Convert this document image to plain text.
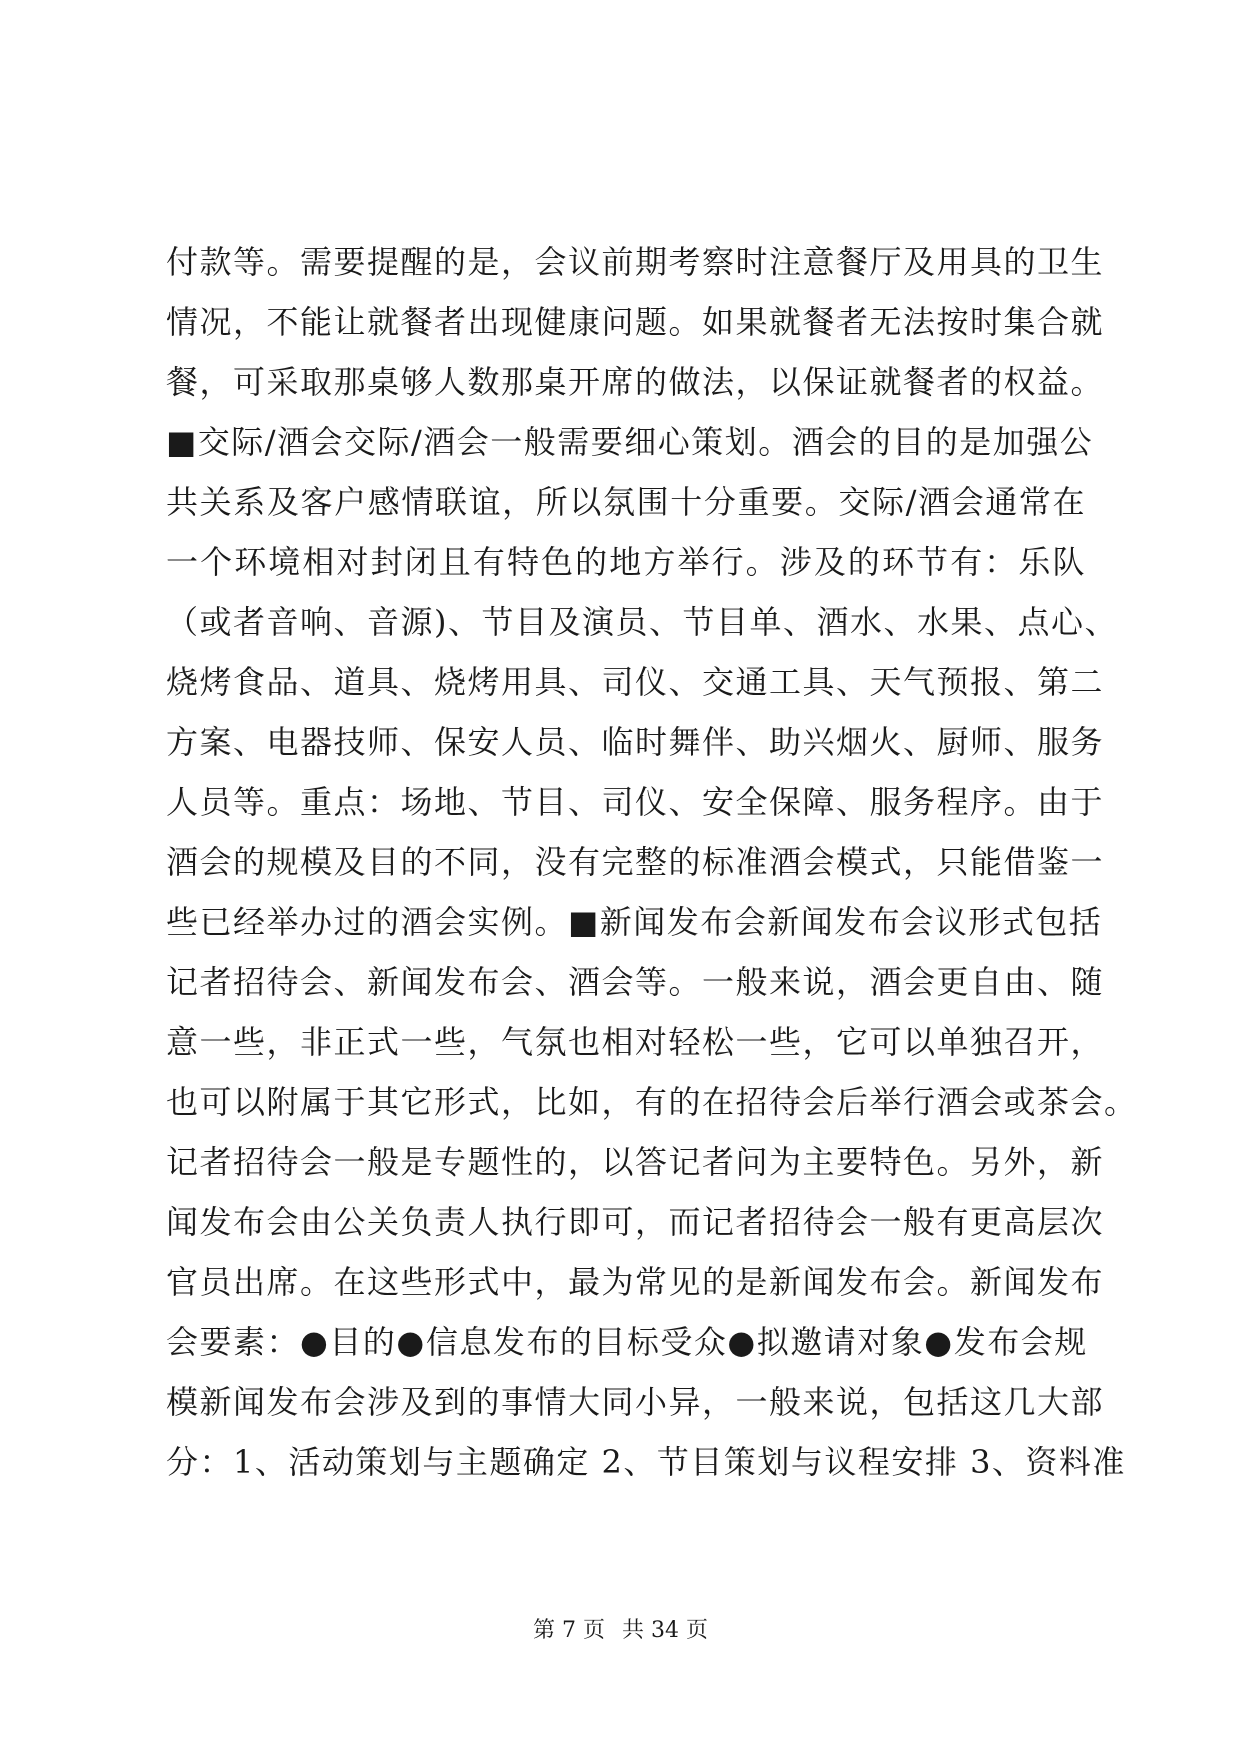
付款等。需要提醒的是，会议前期考察时注意餐厅及用具的卫生
情况，不能让就餐者出现健康问题。如果就餐者无法按时集合就
餐，可采取那桌够人数那桌开席的做法，以保证就餐者的权益。
■交际/酒会交际/酒会一般需要细心策划。酒会的目的是加强公
共关系及客户感情联谊，所以氛围十分重要。交际/酒会通常在
一个环境相对封闭且有特色的地方举行。涉及的环节有：乐队
（或者音响、音源)、节目及演员、节目单、酒水、水果、点心、
烧烤食品、道具、烧烤用具、司仪、交通工具、天气预报、第二
方案、电器技师、保安人员、临时舞伴、助兴烟火、厨师、服务
人员等。重点：场地、节目、司仪、安全保障、服务程序。由于
酒会的规模及目的不同，没有完整的标准酒会模式，只能借鉴一
些已经举办过的酒会实例。■新闻发布会新闻发布会议形式包括
记者招待会、新闻发布会、酒会等。一般来说，酒会更自由、随
意一些，非正式一些，气氛也相对轻松一些，它可以单独召开，
也可以附属于其它形式，比如，有的在招待会后举行酒会或茶会。
记者招待会一般是专题性的，以答记者问为主要特色。另外，新
闻发布会由公关负责人执行即可，而记者招待会一般有更高层次
官员出席。在这些形式中，最为常见的是新闻发布会。新闻发布
会要素：●目的●信息发布的目标受众●拟邀请对象●发布会规
模新闻发布会涉及到的事情大同小异，一般来说，包括这几大部
分：1、活动策划与主题确定 2、节目策划与议程安排 3、资料准
第 7 页 共 34 页
